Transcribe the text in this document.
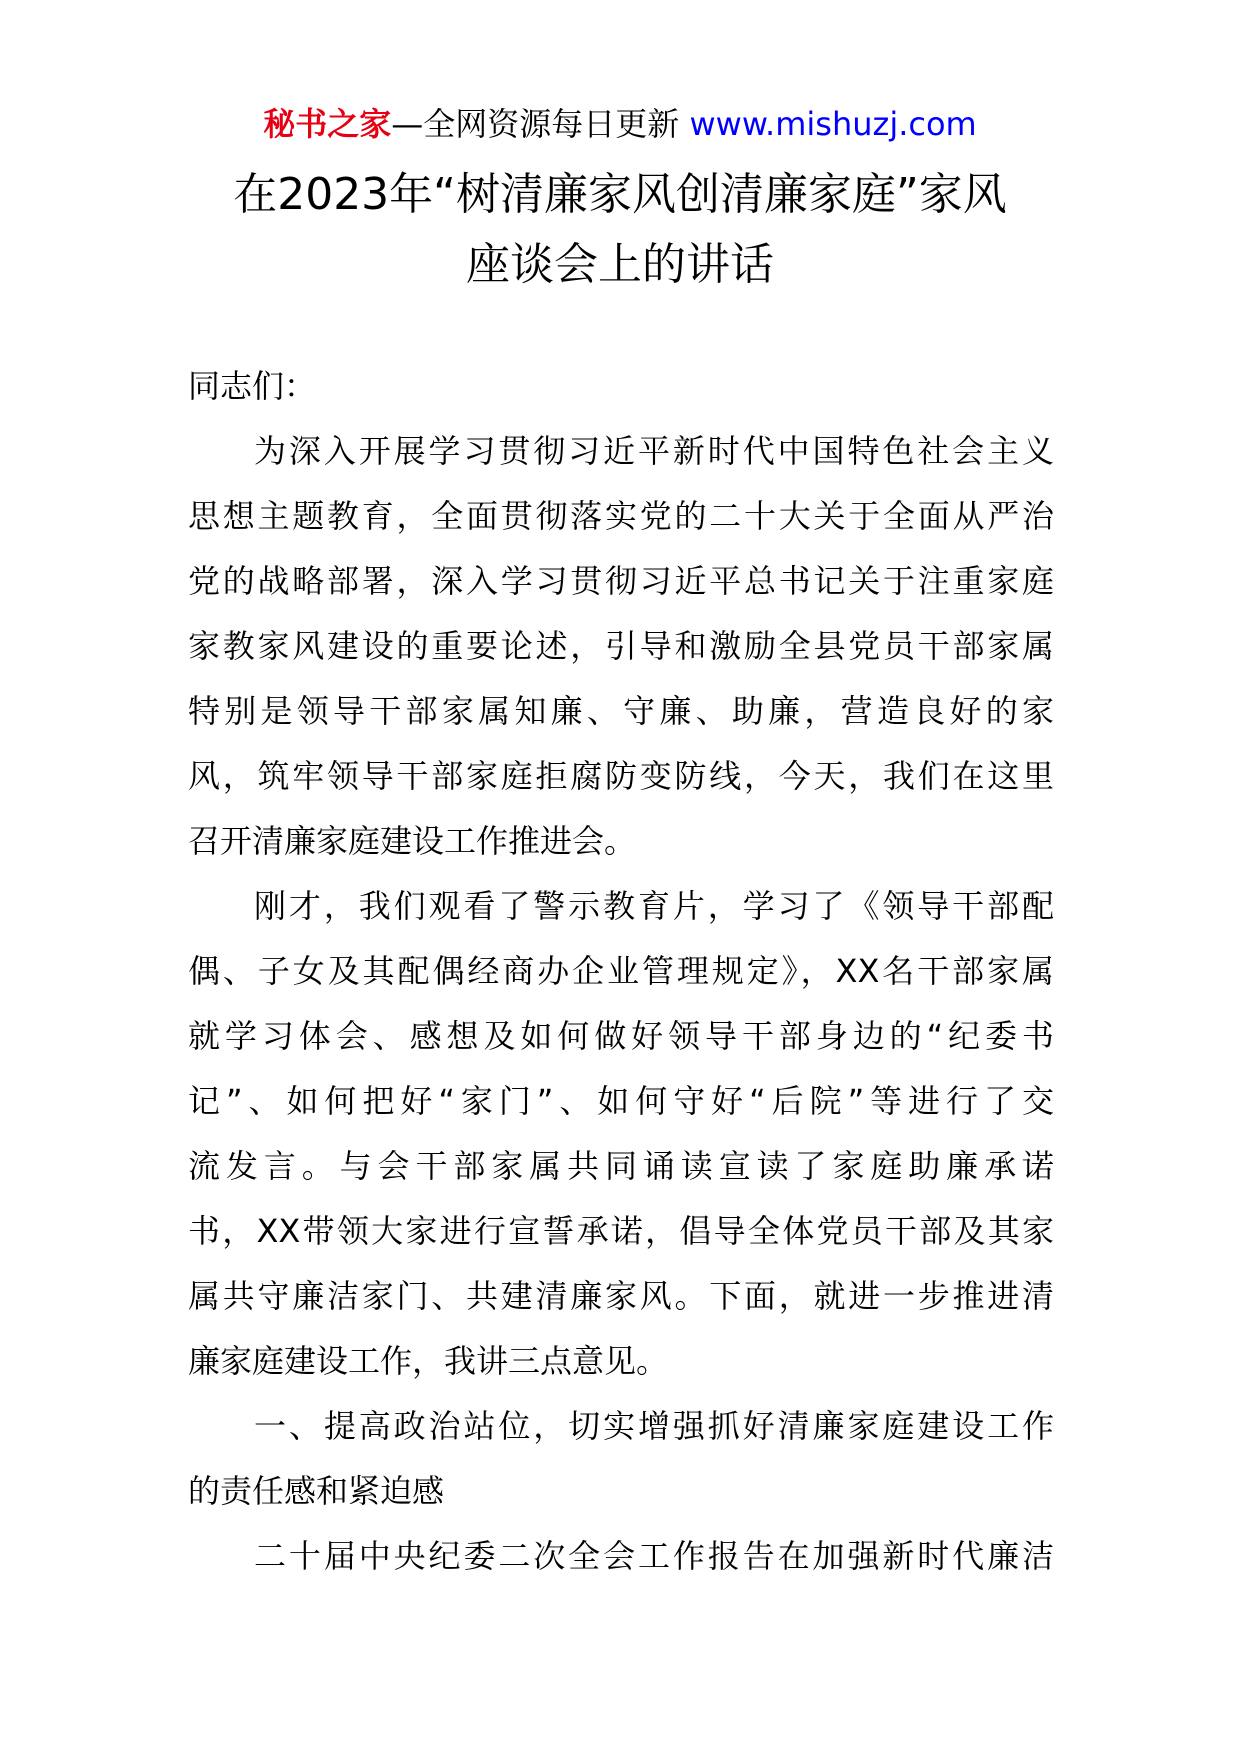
秘书之家—全网资源每日更新 www.mishuzj.com
在2023年“树清廉家风创清廉家庭”家风
座谈会上的讲话

同志们：

为深入开展学习贯彻习近平新时代中国特色社会主义
思想主题教育，全面贯彻落实党的二十大关于全面从严治
党的战略部署，深入学习贯彻习近平总书记关于注重家庭
家教家风建设的重要论述，引导和激励全县党员干部家属
特别是领导干部家属知廉、守廉、助廉，营造良好的家
风，筑牢领导干部家庭拒腐防变防线，今天，我们在这里
召开清廉家庭建设工作推进会。

刚才，我们观看了警示教育片，学习了《领导干部配
偶、子女及其配偶经商办企业管理规定》，XX名干部家属
就学习体会、感想及如何做好领导干部身边的“纪委书
记”、如何把好“家门”、如何守好“后院”等进行了交
流发言。与会干部家属共同诵读宣读了家庭助廉承诺
书，XX带领大家进行宣誓承诺，倡导全体党员干部及其家
属共守廉洁家门、共建清廉家风。下面，就进一步推进清
廉家庭建设工作，我讲三点意见。

一、提高政治站位，切实增强抓好清廉家庭建设工作
的责任感和紧迫感

二十届中央纪委二次全会工作报告在加强新时代廉洁
